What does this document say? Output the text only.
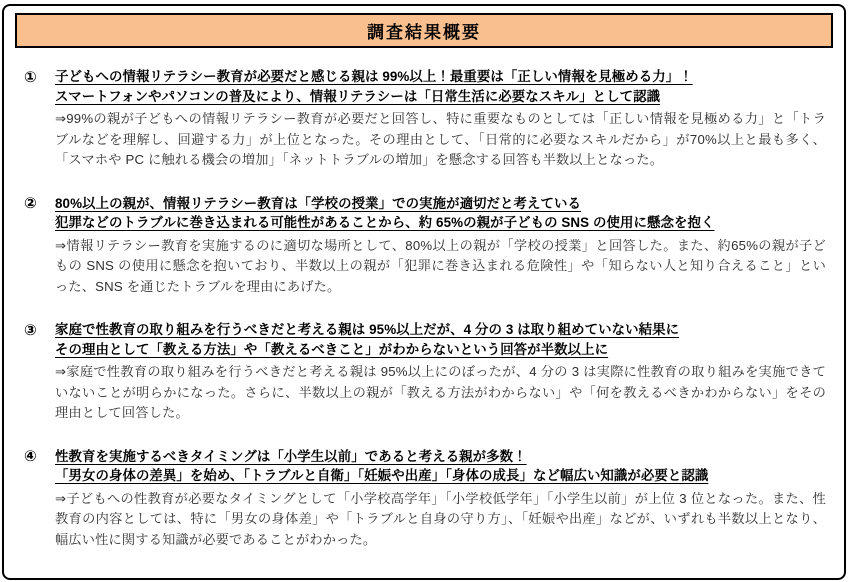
調査結果概要
①	子どもへの情報リテラシー教育が必要だと感じる親は 99%以上！最重要は「正しい情報を見極める力」！
スマートフォンやパソコンの普及により、情報リテラシーは「日常生活に必要なスキル」として認識
⇒99%の親が子どもへの情報リテラシー教育が必要だと回答し、特に重要なものとしては「正しい情報を見極める力」と「トラブルなどを理解し、回避する力」が上位となった。その理由として、「日常的に必要なスキルだから」が70%以上と最も多く、「スマホや PC に触れる機会の増加」「ネットトラブルの増加」を懸念する回答も半数以上となった。
②	80%以上の親が、情報リテラシー教育は「学校の授業」での実施が適切だと考えている
犯罪などのトラブルに巻き込まれる可能性があることから、約 65%の親が子どもの SNS の使用に懸念を抱く
⇒情報リテラシー教育を実施するのに適切な場所として、80%以上の親が「学校の授業」と回答した。また、約65%の親が子どもの SNS の使用に懸念を抱いており、半数以上の親が「犯罪に巻き込まれる危険性」や「知らない人と知り合えること」といった、SNS を通じたトラブルを理由にあげた。
③	家庭で性教育の取り組みを行うべきだと考える親は 95%以上だが、4 分の 3 は取り組めていない結果に
その理由として「教える方法」や「教えるべきこと」がわからないという回答が半数以上に
⇒家庭で性教育の取り組みを行うべきだと考える親は 95%以上にのぼったが、4 分の 3 は実際に性教育の取り組みを実施できていないことが明らかになった。さらに、半数以上の親が「教える方法がわからない」や「何を教えるべきかわからない」をその理由として回答した。
④	性教育を実施するべきタイミングは「小学生以前」であると考える親が多数！
「男女の身体の差異」を始め、「トラブルと自衛」「妊娠や出産」「身体の成長」など幅広い知識が必要と認識
⇒子どもへの性教育が必要なタイミングとして「小学校高学年」「小学校低学年」「小学生以前」が上位 3 位となった。また、性教育の内容としては、特に「男女の身体差」や「トラブルと自身の守り方」、「妊娠や出産」などが、いずれも半数以上となり、幅広い性に関する知識が必要であることがわかった。
